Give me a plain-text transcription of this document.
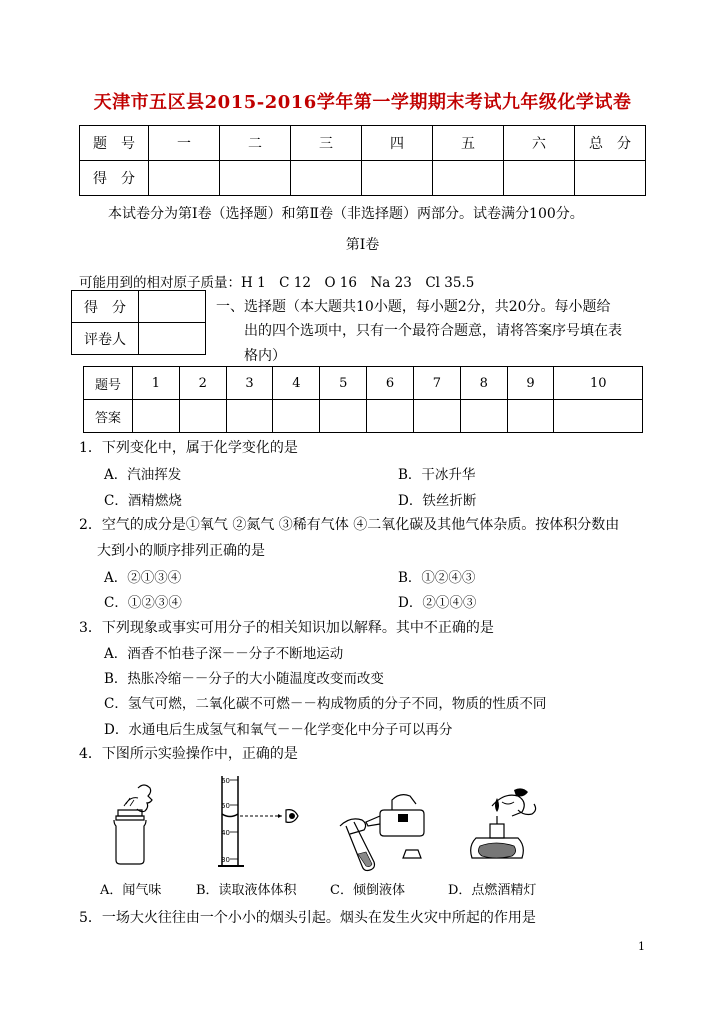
天津市五区县2015-2016学年第一学期期末考试九年级化学试卷
题　号	一	二	三	四	五	六	总　分
得　分							
本试卷分为第Ⅰ卷（选择题）和第Ⅱ卷（非选择题）两部分。试卷满分100分。
第Ⅰ卷
可能用到的相对原子质量：H 1　C 12　O 16　Na 23　Cl 35.5
得　分	
评卷人	
一、选择题（本大题共10小题，每小题2分，共20分。每小题给
出的四个选项中，只有一个最符合题意，请将答案序号填在表
格内）
题号	1	2	3	4	5	6	7	8	9	10
答案										
1．下列变化中，属于化学变化的是
A．汽油挥发	B．干冰升华
C．酒精燃烧	D．铁丝折断
2．空气的成分是①氧气 ②氮气 ③稀有气体 ④二氧化碳及其他气体杂质。按体积分数由
大到小的顺序排列正确的是
A．②①③④	B．①②④③
C．①②③④	D．②①④③
3．下列现象或事实可用分子的相关知识加以解释。其中不正确的是
A．酒香不怕巷子深－－分子不断地运动
B．热胀冷缩－－分子的大小随温度改变而改变
C．氢气可燃，二氧化碳不可燃－－构成物质的分子不同，物质的性质不同
D．水通电后生成氢气和氧气－－化学变化中分子可以再分
4．下图所示实验操作中，正确的是
60
50
40
30
A．闻气味	B．读取液体体积	C．倾倒液体	D．点燃酒精灯
5．一场大火往往由一个小小的烟头引起。烟头在发生火灾中所起的作用是
1
